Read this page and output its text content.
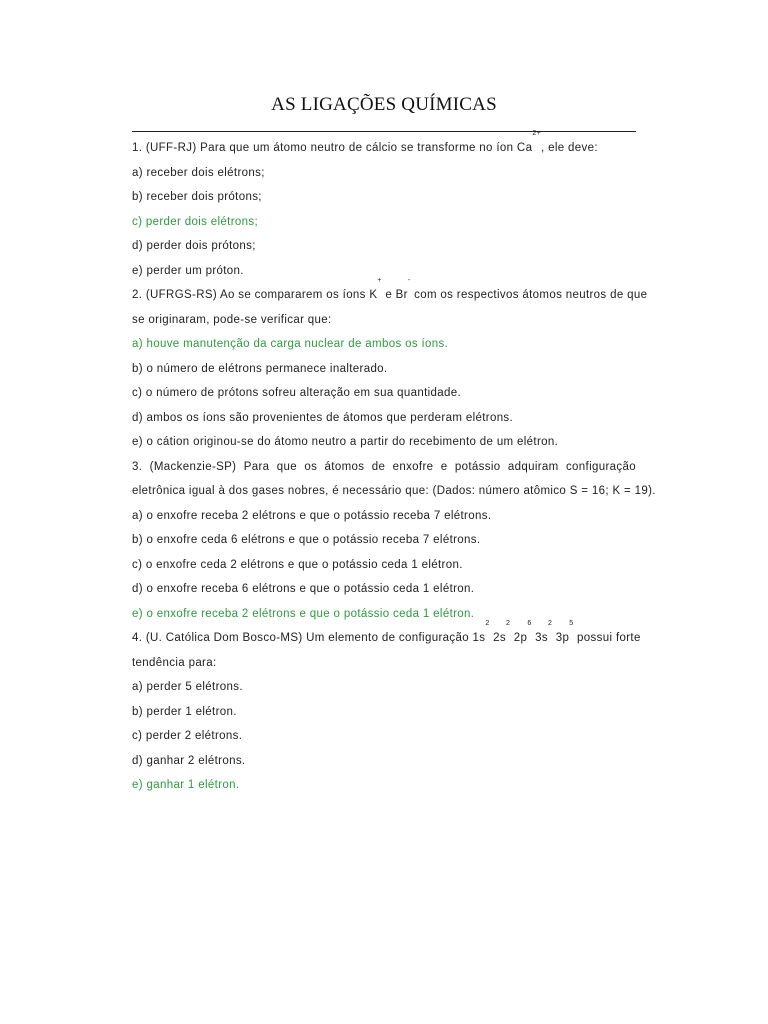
AS LIGAÇÕES QUÍMICAS
1. (UFF-RJ) Para que um átomo neutro de cálcio se transforme no íon $Ca^{2+}$, ele deve:
a) receber dois elétrons;
b) receber dois prótons;
c) perder dois elétrons;
d) perder dois prótons;
e) perder um próton.
2. (UFRGS-RS) Ao se compararem os íons K+ e Br- com os respectivos átomos neutros de que
se originaram, pode-se verificar que:
a) houve manutenção da carga nuclear de ambos os íons.
b) o número de elétrons permanece inalterado.
c) o número de prótons sofreu alteração em sua quantidade.
d) ambos os íons são provenientes de átomos que perderam elétrons.
e) o cátion originou-se do átomo neutro a partir do recebimento de um elétron.
3. (Mackenzie-SP) Para que os átomos de enxofre e potássio adquiram configuração
eletrônica igual à dos gases nobres, é necessário que: (Dados: número atômico S = 16; K = 19).
a) o enxofre receba 2 elétrons e que o potássio receba 7 elétrons.
b) o enxofre ceda 6 elétrons e que o potássio receba 7 elétrons.
c) o enxofre ceda 2 elétrons e que o potássio ceda 1 elétron.
d) o enxofre receba 6 elétrons e que o potássio ceda 1 elétron.
e) o enxofre receba 2 elétrons e que o potássio ceda 1 elétron.
4. (U. Católica Dom Bosco-MS) Um elemento de configuração $1s^2$ $2s^2$ $2p^6$ $3s^2$ $3p^5$ possui forte
tendência para:
a) perder 5 elétrons.
b) perder 1 elétron.
c) perder 2 elétrons.
d) ganhar 2 elétrons.
e) ganhar 1 elétron.
